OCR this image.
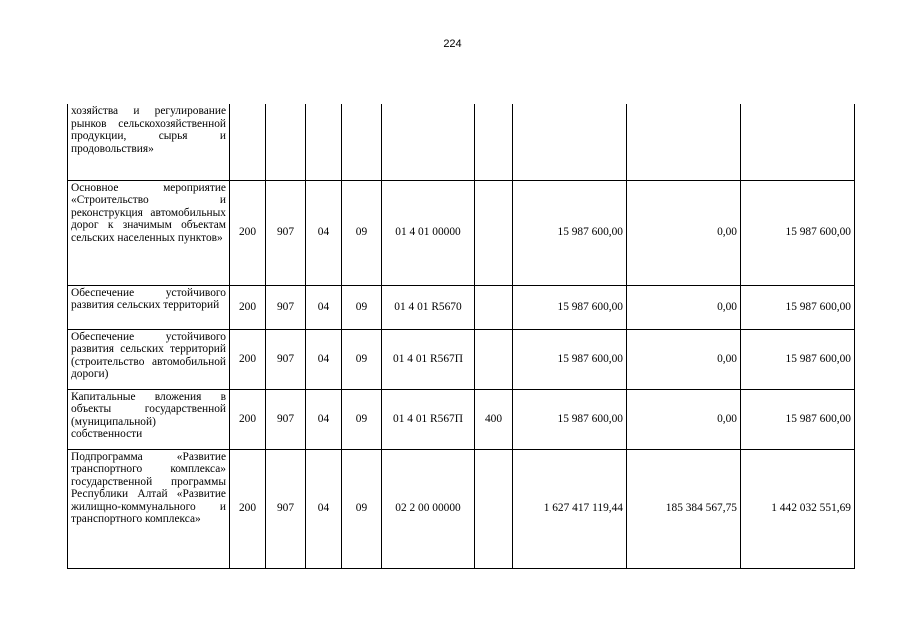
224
хозяйства и регулирование рынков сельскохозяйственной продукции, сырья и продовольствия»									
Основное мероприятие «Строительство и реконструкция автомобильных дорог к значимым объектам сельских населенных пунктов»	200	907	04	09	01 4 01 00000		15 987 600,00	0,00	15 987 600,00
Обеспечение устойчивого развития сельских территорий	200	907	04	09	01 4 01 R5670		15 987 600,00	0,00	15 987 600,00
Обеспечение устойчивого развития сельских территорий (строительство автомобильной дороги)	200	907	04	09	01 4 01 R567П		15 987 600,00	0,00	15 987 600,00
Капитальные вложения в объекты государственной (муниципальной) собственности	200	907	04	09	01 4 01 R567П	400	15 987 600,00	0,00	15 987 600,00
Подпрограмма «Развитие транспортного комплекса» государственной программы Республики Алтай «Развитие жилищно-коммунального и транспортного комплекса»	200	907	04	09	02 2 00 00000		1 627 417 119,44	185 384 567,75	1 442 032 551,69
